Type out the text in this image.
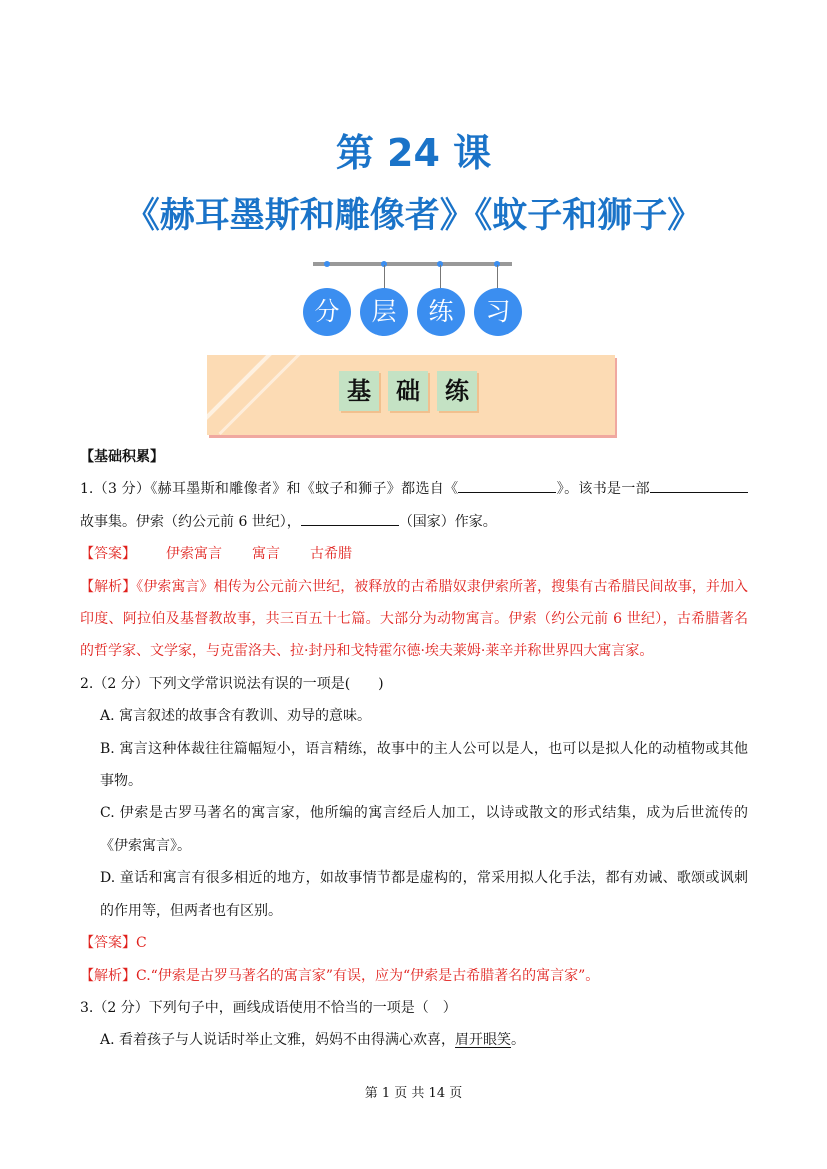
第 24 课
《赫耳墨斯和雕像者》《蚊子和狮子》
分	层	练	习
基	础	练

【基础积累】

1.（3 分）《赫耳墨斯和雕像者》和《蚊子和狮子》都选自《	》。该书是一部故事集。伊索（约公元前 6 世纪），	（国家）作家。

【答案】 伊索寓言 寓言 古希腊

【解析】《伊索寓言》相传为公元前六世纪，被释放的古希腊奴隶伊索所著，搜集有古希腊民间故事，并加入印度、阿拉伯及基督教故事，共三百五十七篇。大部分为动物寓言。伊索（约公元前 6 世纪），古希腊著名的哲学家、文学家，与克雷洛夫、拉·封丹和戈特霍尔德·埃夫莱姆·莱辛并称世界四大寓言家。

2.（2 分）下列文学常识说法有误的一项是(　　)

A. 寓言叙述的故事含有教训、劝导的意味。

B. 寓言这种体裁往往篇幅短小，语言精练，故事中的主人公可以是人，也可以是拟人化的动植物或其他事物。

C. 伊索是古罗马著名的寓言家，他所编的寓言经后人加工，以诗或散文的形式结集，成为后世流传的《伊索寓言》。

D. 童话和寓言有很多相近的地方，如故事情节都是虚构的，常采用拟人化手法，都有劝诫、歌颂或讽刺的作用等，但两者也有区别。

【答案】C

【解析】C.“伊索是古罗马著名的寓言家”有误，应为“伊索是古希腊著名的寓言家”。

3.（2 分）下列句子中，画线成语使用不恰当的一项是（　）

A. 看着孩子与人说话时举止文雅，妈妈不由得满心欢喜，眉开眼笑。

第 1 页 共 14 页
